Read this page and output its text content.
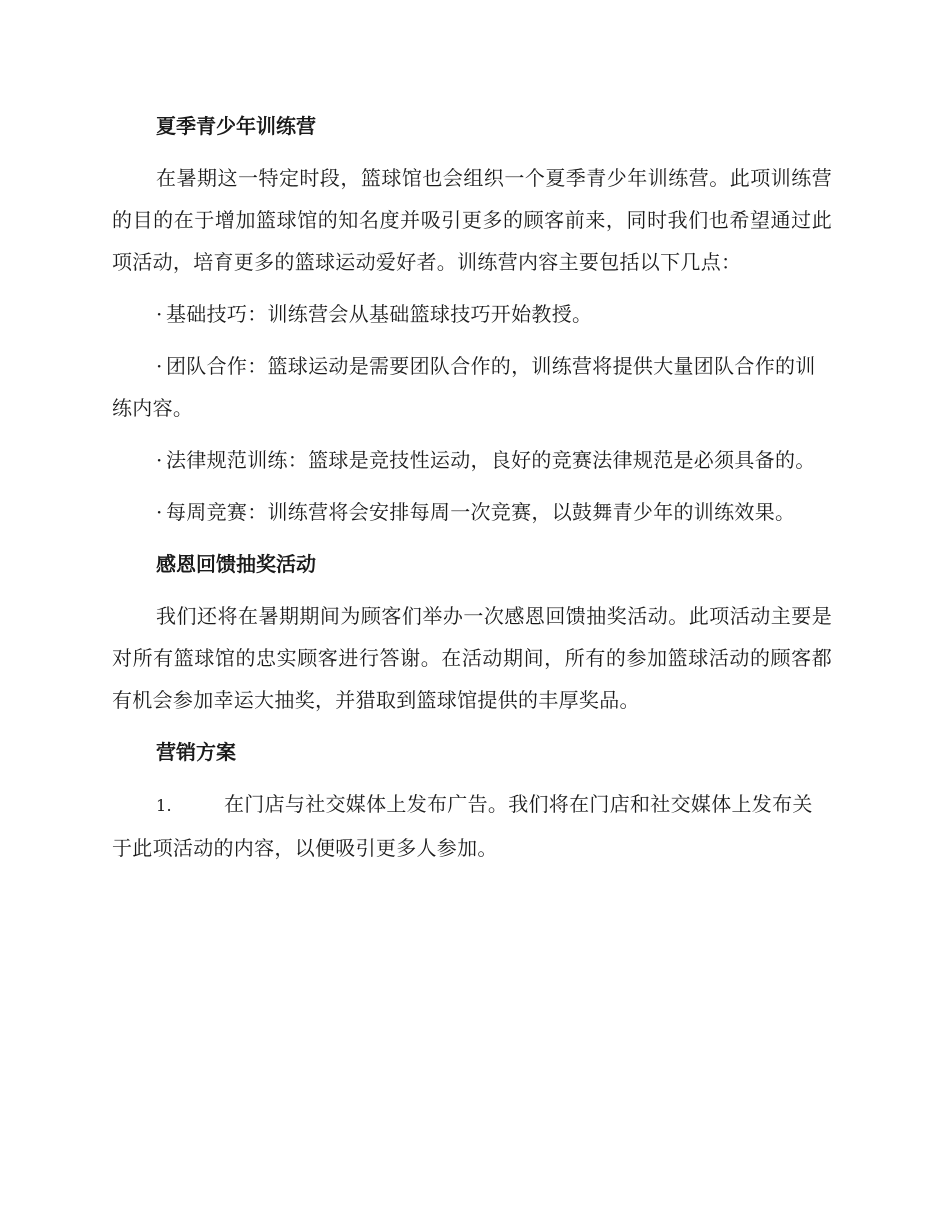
夏季青少年训练营

在暑期这一特定时段，篮球馆也会组织一个夏季青少年训练营。此项训练营的目的在于增加篮球馆的知名度并吸引更多的顾客前来，同时我们也希望通过此项活动，培育更多的篮球运动爱好者。训练营内容主要包括以下几点：

· 基础技巧：训练营会从基础篮球技巧开始教授。

· 团队合作：篮球运动是需要团队合作的，训练营将提供大量团队合作的训练内容。

· 法律规范训练：篮球是竞技性运动，良好的竞赛法律规范是必须具备的。

· 每周竞赛：训练营将会安排每周一次竞赛，以鼓舞青少年的训练效果。

感恩回馈抽奖活动

我们还将在暑期期间为顾客们举办一次感恩回馈抽奖活动。此项活动主要是对所有篮球馆的忠实顾客进行答谢。在活动期间，所有的参加篮球活动的顾客都有机会参加幸运大抽奖，并猎取到篮球馆提供的丰厚奖品。

营销方案

1.	在门店与社交媒体上发布广告。我们将在门店和社交媒体上发布关于此项活动的内容，以便吸引更多人参加。
